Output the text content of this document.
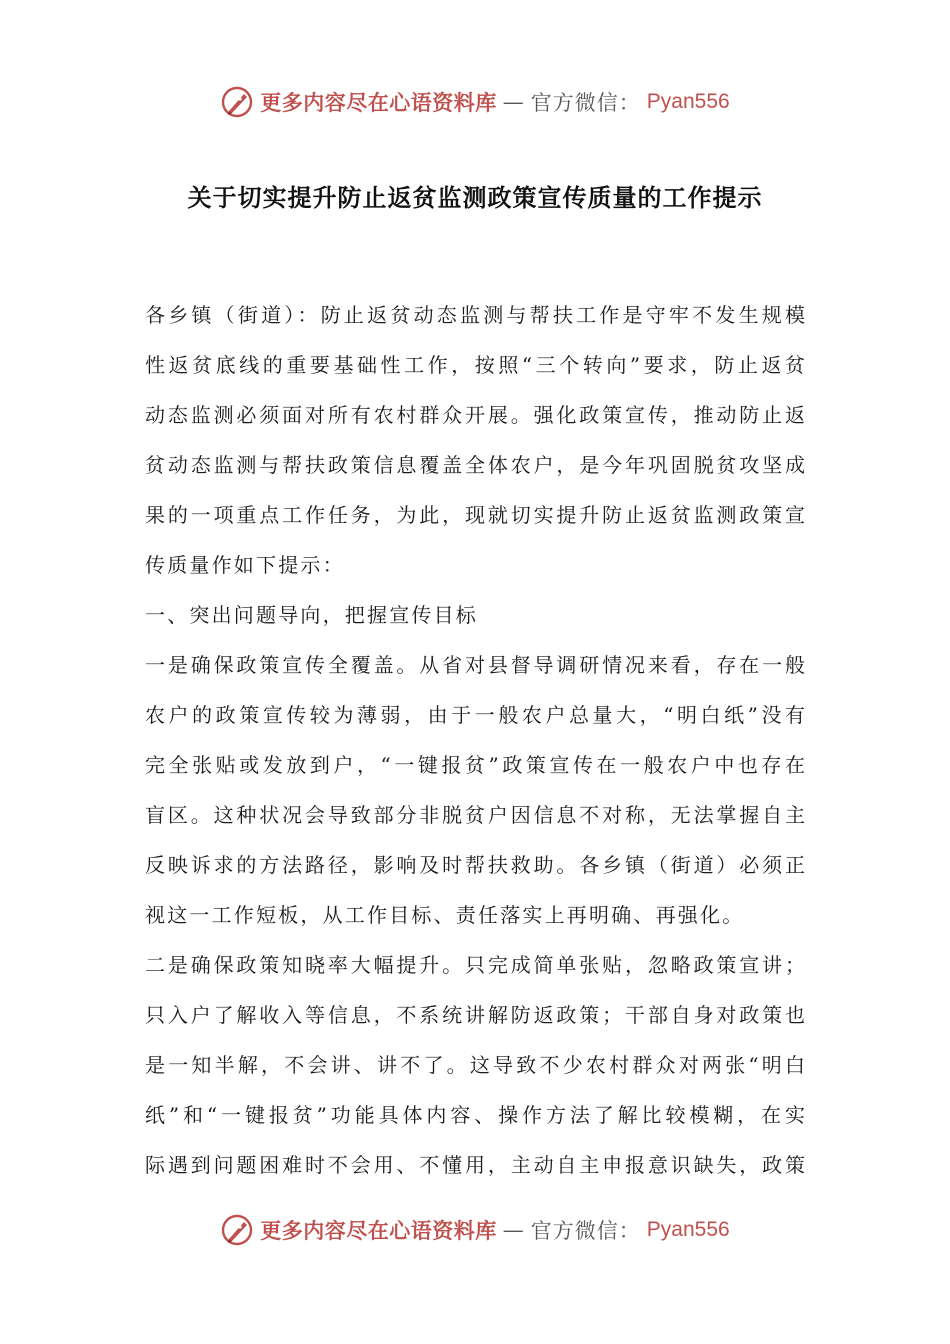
更多内容尽在心语资料库 — 官方微信： Pyan556
关于切实提升防止返贫监测政策宣传质量的工作提示
各乡镇（街道）：防止返贫动态监测与帮扶工作是守牢不发生规模
性返贫底线的重要基础性工作，按照“三个转向”要求，防止返贫
动态监测必须面对所有农村群众开展。强化政策宣传，推动防止返
贫动态监测与帮扶政策信息覆盖全体农户，是今年巩固脱贫攻坚成
果的一项重点工作任务，为此，现就切实提升防止返贫监测政策宣
传质量作如下提示：
一、突出问题导向，把握宣传目标
一是确保政策宣传全覆盖。从省对县督导调研情况来看，存在一般
农户的政策宣传较为薄弱，由于一般农户总量大，“明白纸”没有
完全张贴或发放到户，“一键报贫”政策宣传在一般农户中也存在
盲区。这种状况会导致部分非脱贫户因信息不对称，无法掌握自主
反映诉求的方法路径，影响及时帮扶救助。各乡镇（街道）必须正
视这一工作短板，从工作目标、责任落实上再明确、再强化。
二是确保政策知晓率大幅提升。只完成简单张贴，忽略政策宣讲；
只入户了解收入等信息，不系统讲解防返政策；干部自身对政策也
是一知半解，不会讲、讲不了。这导致不少农村群众对两张“明白
纸”和“一键报贫”功能具体内容、操作方法了解比较模糊，在实
际遇到问题困难时不会用、不懂用，主动自主申报意识缺失，政策
更多内容尽在心语资料库 — 官方微信： Pyan556
